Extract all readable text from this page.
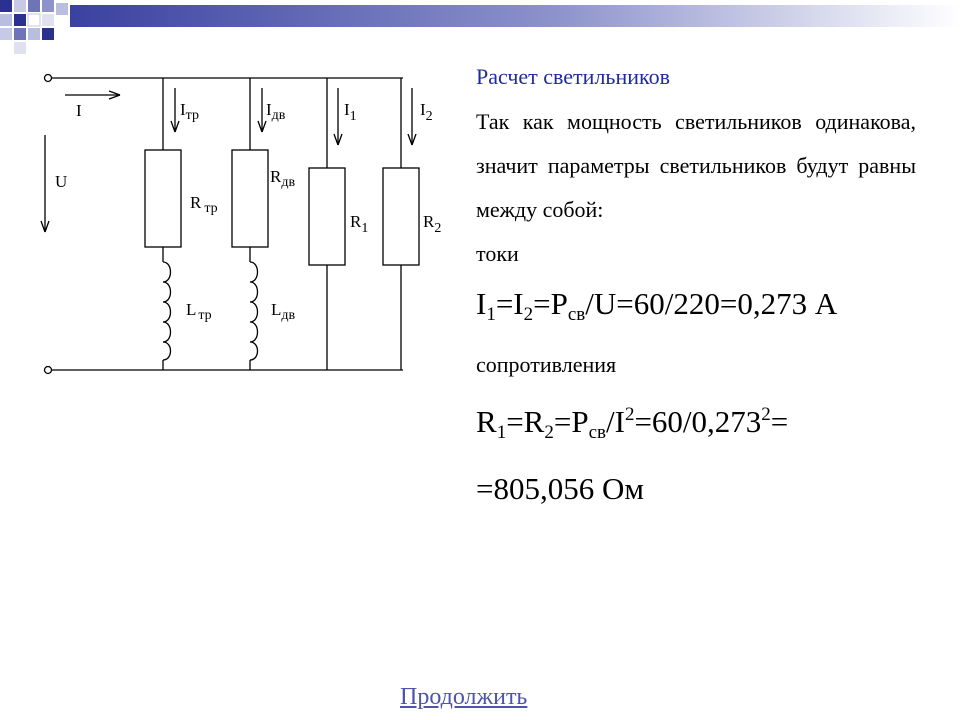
I
U
$I_{тр}$	$I_{дв}$	$I_1$	$I_2$
R $_{тр}$
$R_{дв}$
$R_1$	$R_2$
L $_{тр}$	$L_{дв}$

Расчет светильников

Так как мощность светильников одинакова, значит параметры светильников будут равны между собой:

токи

$I_1=I_2=P_{св}/U=60/220=0,273$ А

сопротивления

$R_1=R_2=P_{св}/I^2=60/0,273^2=$

=805,056 Ом

Продолжить
